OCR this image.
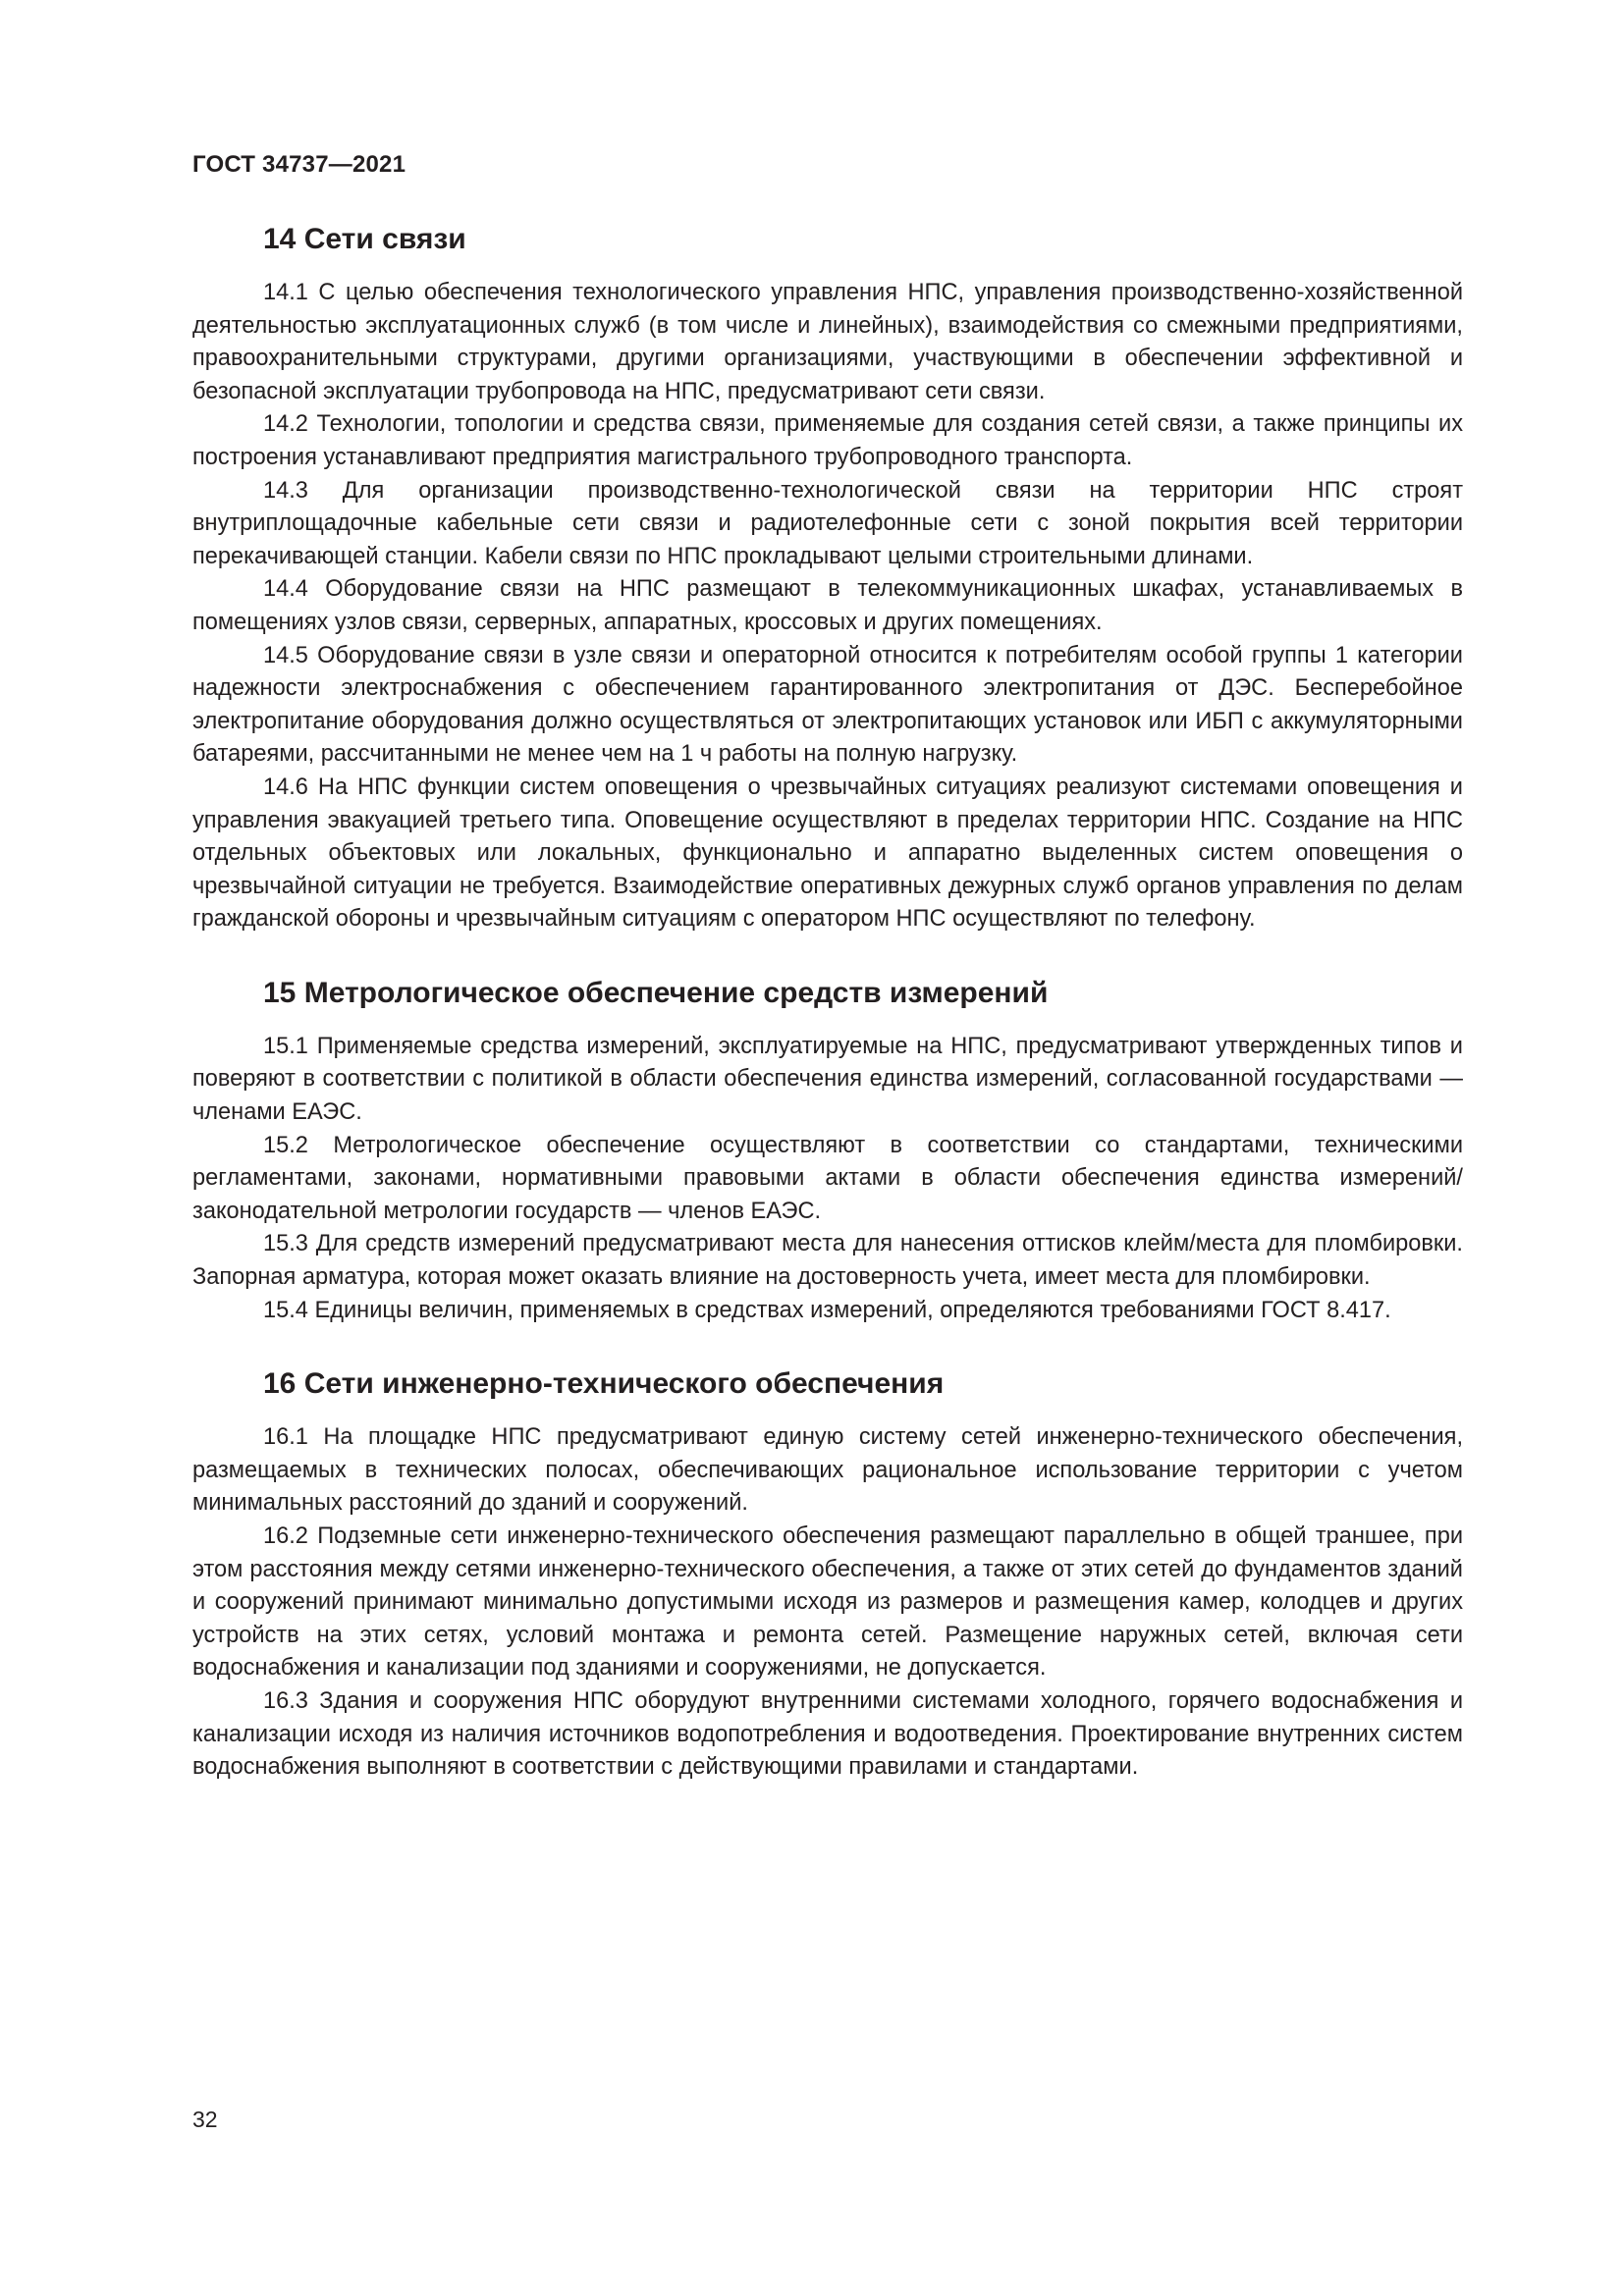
ГОСТ 34737—2021
14 Сети связи

14.1 С целью обеспечения технологического управления НПС, управления производственно-хозяйственной деятельностью эксплуатационных служб (в том числе и линейных), взаимодействия со смежными предприятиями, правоохранительными структурами, другими организациями, участвующими в обеспечении эффективной и безопасной эксплуатации трубопровода на НПС, предусматривают сети связи.

14.2 Технологии, топологии и средства связи, применяемые для создания сетей связи, а также принципы их построения устанавливают предприятия магистрального трубопроводного транспорта.

14.3 Для организации производственно-технологической связи на территории НПС строят внутриплощадочные кабельные сети связи и радиотелефонные сети с зоной покрытия всей территории перекачивающей станции. Кабели связи по НПС прокладывают целыми строительными длинами.

14.4 Оборудование связи на НПС размещают в телекоммуникационных шкафах, устанавливаемых в помещениях узлов связи, серверных, аппаратных, кроссовых и других помещениях.

14.5 Оборудование связи в узле связи и операторной относится к потребителям особой группы 1 категории надежности электроснабжения с обеспечением гарантированного электропитания от ДЭС. Бесперебойное электропитание оборудования должно осуществляться от электропитающих установок или ИБП с аккумуляторными батареями, рассчитанными не менее чем на 1 ч работы на полную нагрузку.

14.6 На НПС функции систем оповещения о чрезвычайных ситуациях реализуют системами оповещения и управления эвакуацией третьего типа. Оповещение осуществляют в пределах территории НПС. Создание на НПС отдельных объектовых или локальных, функционально и аппаратно выделенных систем оповещения о чрезвычайной ситуации не требуется. Взаимодействие оперативных дежурных служб органов управления по делам гражданской обороны и чрезвычайным ситуациям с оператором НПС осуществляют по телефону.

15 Метрологическое обеспечение средств измерений

15.1 Применяемые средства измерений, эксплуатируемые на НПС, предусматривают утвержденных типов и поверяют в соответствии с политикой в области обеспечения единства измерений, согласованной государствами — членами ЕАЭС.

15.2 Метрологическое обеспечение осуществляют в соответствии со стандартами, техническими регламентами, законами, нормативными правовыми актами в области обеспечения единства измерений/законодательной метрологии государств — членов ЕАЭС.

15.3 Для средств измерений предусматривают места для нанесения оттисков клейм/места для пломбировки. Запорная арматура, которая может оказать влияние на достоверность учета, имеет места для пломбировки.

15.4 Единицы величин, применяемых в средствах измерений, определяются требованиями ГОСТ 8.417.

16 Сети инженерно-технического обеспечения

16.1 На площадке НПС предусматривают единую систему сетей инженерно-технического обеспечения, размещаемых в технических полосах, обеспечивающих рациональное использование территории с учетом минимальных расстояний до зданий и сооружений.

16.2 Подземные сети инженерно-технического обеспечения размещают параллельно в общей траншее, при этом расстояния между сетями инженерно-технического обеспечения, а также от этих сетей до фундаментов зданий и сооружений принимают минимально допустимыми исходя из размеров и размещения камер, колодцев и других устройств на этих сетях, условий монтажа и ремонта сетей. Размещение наружных сетей, включая сети водоснабжения и канализации под зданиями и сооружениями, не допускается.

16.3 Здания и сооружения НПС оборудуют внутренними системами холодного, горячего водоснабжения и канализации исходя из наличия источников водопотребления и водоотведения. Проектирование внутренних систем водоснабжения выполняют в соответствии с действующими правилами и стандартами.

32
